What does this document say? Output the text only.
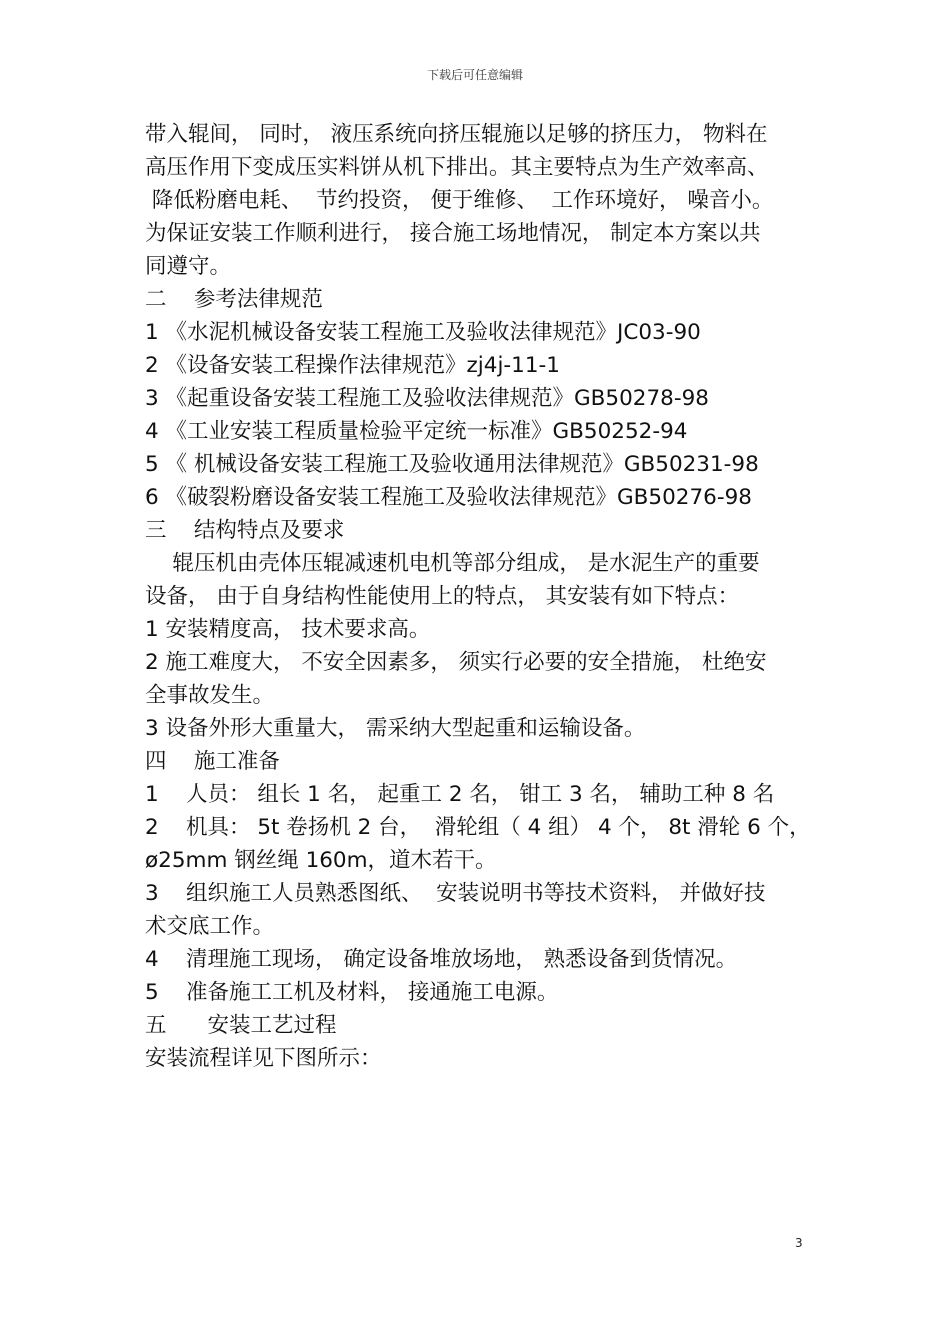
下载后可任意编辑
带入辊间， 同时， 液压系统向挤压辊施以足够的挤压力， 物料在
高压作用下变成压实料饼从机下排出。其主要特点为生产效率高、
降低粉磨电耗、  节约投资， 便于维修、  工作环境好， 噪音小。
为保证安装工作顺利进行， 接合施工场地情况， 制定本方案以共
同遵守。
二    参考法律规范
1 《水泥机械设备安装工程施工及验收法律规范》JC03-90
2 《设备安装工程操作法律规范》zj4j-11-1
3 《起重设备安装工程施工及验收法律规范》GB50278-98
4 《工业安装工程质量检验平定统一标准》GB50252-94
5 《 机械设备安装工程施工及验收通用法律规范》GB50231-98
6 《破裂粉磨设备安装工程施工及验收法律规范》GB50276-98
三    结构特点及要求
辊压机由壳体压辊减速机电机等部分组成， 是水泥生产的重要
设备， 由于自身结构性能使用上的特点， 其安装有如下特点：
1 安装精度高， 技术要求高。
2 施工难度大， 不安全因素多， 须实行必要的安全措施， 杜绝安
全事故发生。
3 设备外形大重量大， 需采纳大型起重和运输设备。
四    施工准备
1    人员： 组长 1 名， 起重工 2 名， 钳工 3 名， 辅助工种 8 名
2    机具： 5t 卷扬机 2 台，  滑轮组（ 4 组） 4 个， 8t 滑轮 6 个，
ø25mm 钢丝绳 160m，道木若干。
3    组织施工人员熟悉图纸、  安装说明书等技术资料， 并做好技
术交底工作。
4    清理施工现场， 确定设备堆放场地， 熟悉设备到货情况。
5    准备施工工机及材料， 接通施工电源。
五      安装工艺过程
安装流程详见下图所示：
3
